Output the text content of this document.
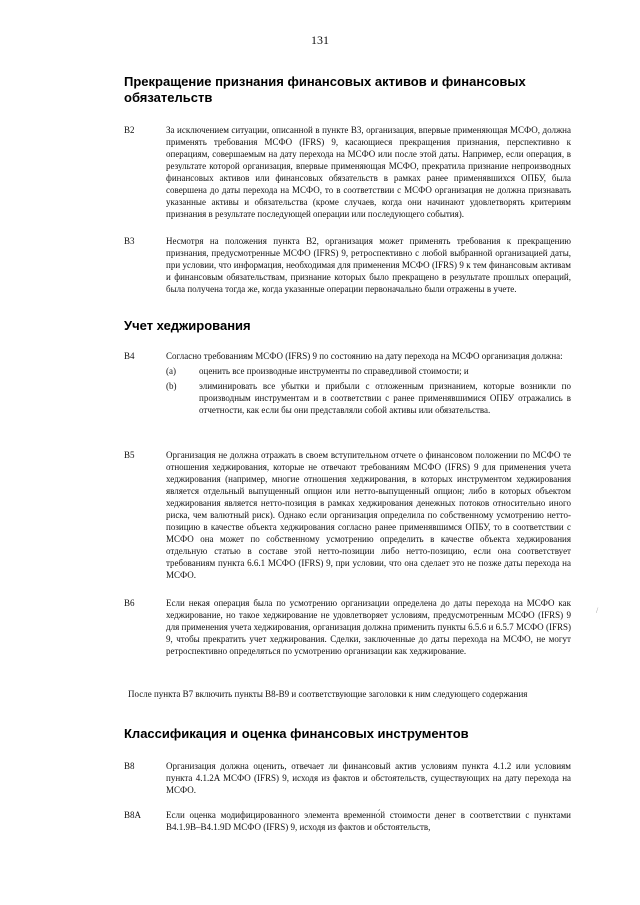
131
Прекращение признания финансовых активов и финансовых обязательств
B2	За исключением ситуации, описанной в пункте B3, организация, впервые применяющая МСФО, должна применять требования МСФО (IFRS) 9, касающиеся прекращения признания, перспективно к операциям, совершаемым на дату перехода на МСФО или после этой даты. Например, если операция, в результате которой организация, впервые применяющая МСФО, прекратила признание непроизводных финансовых активов или финансовых обязательств в рамках ранее применявшихся ОПБУ, была совершена до даты перехода на МСФО, то в соответствии с МСФО организация не должна признавать указанные активы и обязательства (кроме случаев, когда они начинают удовлетворять критериям признания в результате последующей операции или последующего события).
B3	Несмотря на положения пункта B2, организация может применять требования к прекращению признания, предусмотренные МСФО (IFRS) 9, ретроспективно с любой выбранной организацией даты, при условии, что информация, необходимая для применения МСФО (IFRS) 9 к тем финансовым активам и финансовым обязательствам, признание которых было прекращено в результате прошлых операций, была получена тогда же, когда указанные операции первоначально были отражены в учете.
Учет хеджирования
B4	Согласно требованиям МСФО (IFRS) 9 по состоянию на дату перехода на МСФО организация должна:
(a)	оценить все производные инструменты по справедливой стоимости; и
(b)	элиминировать все убытки и прибыли с отложенным признанием, которые возникли по производным инструментам и в соответствии с ранее применявшимися ОПБУ отражались в отчетности, как если бы они представляли собой активы или обязательства.
B5	Организация не должна отражать в своем вступительном отчете о финансовом положении по МСФО те отношения хеджирования, которые не отвечают требованиям МСФО (IFRS) 9 для применения учета хеджирования (например, многие отношения хеджирования, в которых инструментом хеджирования является отдельный выпущенный опцион или нетто-выпущенный опцион; либо в которых объектом хеджирования является нетто-позиция в рамках хеджирования денежных потоков относительно иного риска, чем валютный риск). Однако если организация определила по собственному усмотрению нетто-позицию в качестве объекта хеджирования согласно ранее применявшимся ОПБУ, то в соответствии с МСФО она может по собственному усмотрению определить в качестве объекта хеджирования отдельную статью в составе этой нетто-позиции либо нетто-позицию, если она соответствует требованиям пункта 6.6.1 МСФО (IFRS) 9, при условии, что она сделает это не позже даты перехода на МСФО.
B6	Если некая операция была по усмотрению организации определена до даты перехода на МСФО как хеджирование, но такое хеджирование не удовлетворяет условиям, предусмотренным МСФО (IFRS) 9 для применения учета хеджирования, организация должна применить пункты 6.5.6 и 6.5.7 МСФО (IFRS) 9, чтобы прекратить учет хеджирования. Сделки, заключенные до даты перехода на МСФО, не могут ретроспективно определяться по усмотрению организации как хеджирование.
/
После пункта B7 включить пункты B8-B9 и соответствующие заголовки к ним следующего содержания
Классификация и оценка финансовых инструментов
B8	Организация должна оценить, отвечает ли финансовый актив условиям пункта 4.1.2 или условиям пункта 4.1.2A МСФО (IFRS) 9, исходя из фактов и обстоятельств, существующих на дату перехода на МСФО.
B8A	Если оценка модифицированного элемента временно́й стоимости денег в соответствии с пунктами B4.1.9B–B4.1.9D МСФО (IFRS) 9, исходя из фактов и обстоятельств,
